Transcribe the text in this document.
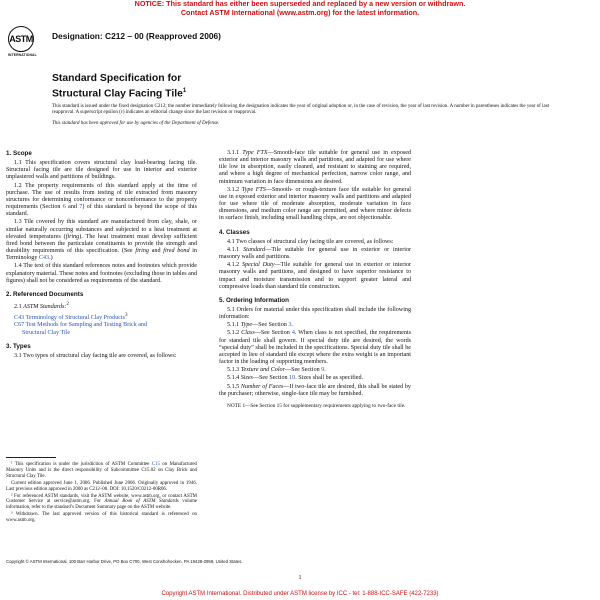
NOTICE: This standard has either been superseded and replaced by a new version or withdrawn.
Contact ASTM International (www.astm.org) for the latest information.
ASTM
INTERNATIONAL
Designation: C212 – 00 (Reapproved 2006)
Standard Specification for
Structural Clay Facing Tile$^1$

This standard is issued under the fixed designation C212; the number immediately following the designation indicates the year of original adoption or, in the case of revision, the year of last revision. A number in parentheses indicates the year of last reapproval. A superscript epsilon (ε) indicates an editorial change since the last revision or reapproval.

This standard has been approved for use by agencies of the Department of Defense.

1. Scope

1.1 This specification covers structural clay load-bearing facing tile. Structural facing tile are tile designed for use in interior and exterior unplastered walls and partitions of buildings.

1.2 The property requirements of this standard apply at the time of purchase. The use of results from testing of tile extracted from masonry structures for determining conformance or nonconformance to the property requirements (Section 6 and 7) of this standard is beyond the scope of this standard.

1.3 Tile covered by this standard are manufactured from clay, shale, or similar naturally occurring substances and subjected to a heat treatment at elevated temperatures (firing). The heat treatment must develop sufficient fired bond between the particulate constituents to provide the strength and durability requirements of this specification. (See firing and fired bond in Terminology C43.)

1.4 The text of this standard references notes and footnotes which provide explanatory material. These notes and footnotes (excluding those in tables and figures) shall not be considered as requirements of the standard.

2. Referenced Documents

2.1 ASTM Standards:$^2$

C43 Terminology of Structural Clay Products$^3$

C67 Test Methods for Sampling and Testing Brick and

Structural Clay Tile

3. Types

3.1 Two types of structural clay facing tile are covered, as follows:

¹ This specification is under the jurisdiction of ASTM Committee C15 on Manufactured Masonry Units and is the direct responsibility of Subcommittee C15.02 on Clay Brick and Structural Clay Tile.

Current edition approved June 1, 2006. Published June 2006. Originally approved in 1946. Last previous edition approved in 2000 as C212–00. DOI: 10.1520/C0212-00R06.

² For referenced ASTM standards, visit the ASTM website, www.astm.org, or contact ASTM Customer Service at service@astm.org. For Annual Book of ASTM Standards volume information, refer to the standard’s Document Summary page on the ASTM website.

³ Withdrawn. The last approved version of this historical standard is referenced on www.astm.org.

3.1.1 Type FTX—Smooth-face tile suitable for general use in exposed exterior and interior masonry walls and partitions, and adapted for use where tile low in absorption, easily cleaned, and resistant to staining are required, and where a high degree of mechanical perfection, narrow color range, and minimum variation in face dimensions are desired.

3.1.2 Type FTS—Smooth- or rough-texture face tile suitable for general use in exposed exterior and interior masonry walls and partitions and adapted for use where tile of moderate absorption, moderate variation in face dimensions, and medium color range are permitted, and where minor defects in surface finish, including small handling chips, are not objectionable.

4. Classes

4.1 Two classes of structural clay facing tile are covered, as follows:

4.1.1 Standard—Tile suitable for general use in exterior or interior masonry walls and partitions.

4.1.2 Special Duty—Tile suitable for general use in exterior or interior masonry walls and partitions, and designed to have superior resistance to impact and moisture transmission and to support greater lateral and compressive loads than standard tile construction.

5. Ordering Information

5.1 Orders for material under this specification shall include the following information:

5.1.1 Type—See Section 3.

5.1.2 Class—See Section 4. When class is not specified, the requirements for standard tile shall govern. If special duty tile are desired, the words “special duty” shall be included in the specifications. Special duty tile shall be accepted in lieu of standard tile except where the extra weight is an important factor in the loading of supporting members.

5.1.3 Texture and Color—See Section 9.

5.1.4 Sizes—See Section 10. Sizes shall be as specified.

5.1.5 Number of Faces—If two-face tile are desired, this shall be stated by the purchaser; otherwise, single-face tile may be furnished.

NOTE 1—See Section 15 for supplementary requirements applying to two-face tile.

Copyright © ASTM International, 100 Barr Harbor Drive, PO Box C700, West Conshohocken, PA 19428-2959, United States.
1
Copyright ASTM International. Distributed under ASTM license by ICC - tel: 1-888-ICC-SAFE (422-7233)
